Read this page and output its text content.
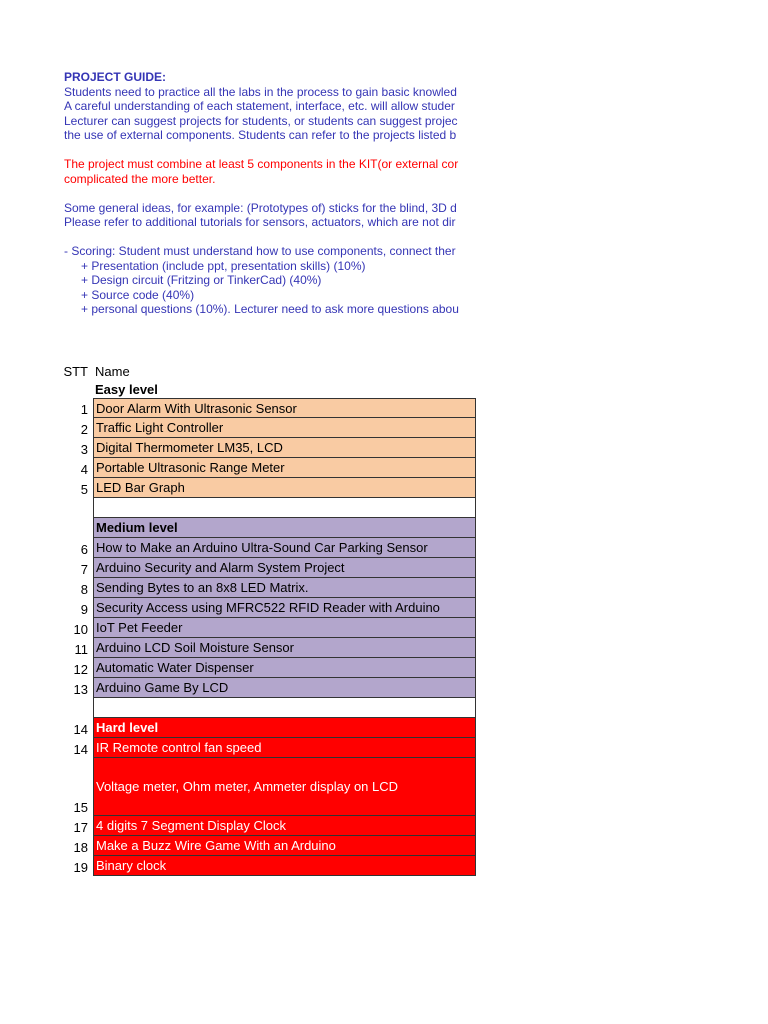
PROJECT GUIDE:
Students need to practice all the labs in the process to gain basic knowled
A careful understanding of each statement, interface, etc. will allow studer
Lecturer can suggest projects for students, or students can suggest projec
the use of external components. Students can refer to the projects listed b
The project must combine at least 5 components in the KIT(or external cor
complicated the more better.
Some general ideas, for example: (Prototypes of) sticks for the blind, 3D d
Please refer to additional tutorials for sensors, actuators, which are not dir
- Scoring: Student must understand how to use components, connect ther
+ Presentation (include ppt, presentation skills) (10%)
+ Design circuit (Fritzing or TinkerCad) (40%)
+ Source code (40%)
+ personal questions (10%). Lecturer need to ask more questions abou
STT Name
Easy level
1 Door Alarm With Ultrasonic Sensor
2 Traffic Light Controller
3 Digital Thermometer LM35, LCD
4 Portable Ultrasonic Range Meter
5 LED Bar Graph
Medium level
6 How to Make an Arduino Ultra-Sound Car Parking Sensor
7 Arduino Security and Alarm System Project
8 Sending Bytes to an 8x8 LED Matrix.
9 Security Access using MFRC522 RFID Reader with Arduino
10 IoT Pet Feeder
11 Arduino LCD Soil Moisture Sensor
12 Automatic Water Dispenser
13 Arduino Game By LCD
14 Hard level
14 IR Remote control fan speed
15
Voltage meter, Ohm meter, Ammeter display on LCD
17 4 digits 7 Segment Display Clock
18 Make a Buzz Wire Game With an Arduino
19 Binary clock
